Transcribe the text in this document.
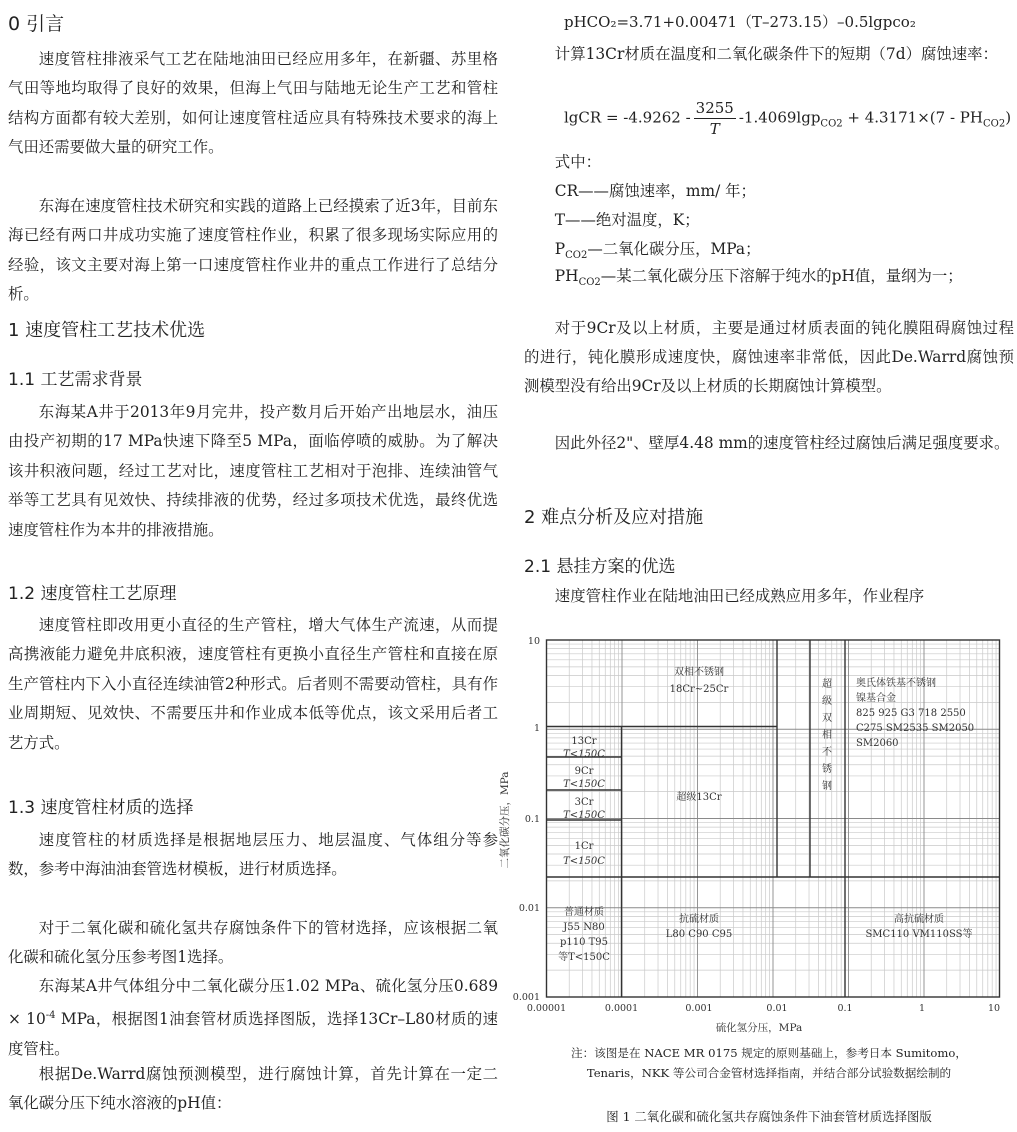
0 引言

速度管柱排液采气工艺在陆地油田已经应用多年，在新疆、苏里格气田等地均取得了良好的效果，但海上气田与陆地无论生产工艺和管柱结构方面都有较大差别，如何让速度管柱适应具有特殊技术要求的海上气田还需要做大量的研究工作。

东海在速度管柱技术研究和实践的道路上已经摸索了近3年，目前东海已经有两口井成功实施了速度管柱作业，积累了很多现场实际应用的经验，该文主要对海上第一口速度管柱作业井的重点工作进行了总结分析。

1 速度管柱工艺技术优选
1.1 工艺需求背景

东海某A井于2013年9月完井，投产数月后开始产出地层水，油压由投产初期的17 MPa快速下降至5 MPa，面临停喷的威胁。为了解决该井积液问题，经过工艺对比，速度管柱工艺相对于泡排、连续油管气举等工艺具有见效快、持续排液的优势，经过多项技术优选，最终优选速度管柱作为本井的排液措施。

1.2 速度管柱工艺原理

速度管柱即改用更小直径的生产管柱，增大气体生产流速，从而提高携液能力避免井底积液，速度管柱有更换小直径生产管柱和直接在原生产管柱内下入小直径连续油管2种形式。后者则不需要动管柱，具有作业周期短、见效快、不需要压井和作业成本低等优点，该文采用后者工艺方式。

1.3 速度管柱材质的选择

速度管柱的材质选择是根据地层压力、地层温度、气体组分等参数，参考中海油油套管选材模板，进行材质选择。

对于二氧化碳和硫化氢共存腐蚀条件下的管材选择，应该根据二氧化碳和硫化氢分压参考图1选择。

东海某A井气体组分中二氧化碳分压1.02 MPa、硫化氢分压$0.689 \times 10^{-4}$ MPa，根据图1油套管材质选择图版，选择13Cr–L80材质的速度管柱。

根据De.Warrd腐蚀预测模型，进行腐蚀计算，首先计算在一定二氧化碳分压下纯水溶液的pH值：

pHCO₂=3.71+0.00471（T–273.15）–0.5lgpco₂

计算13Cr材质在温度和二氧化碳条件下的短期（7d）腐蚀速率：

lgCR = $-4.9262 - \frac{3255}{T} -1.4069\lg p_{CO2} + 4.3171\times(7 - PH_{CO2})$
式中：
CR——腐蚀速率，mm/ 年；
T——绝对温度，K；
$P_{CO2}—$二氧化碳分压，MPa；
$PH_{CO2}—$某二氧化碳分压下溶解于纯水的pH值，量纲为一；

对于9Cr及以上材质，主要是通过材质表面的钝化膜阻碍腐蚀过程的进行，钝化膜形成速度快，腐蚀速率非常低，因此De.Warrd腐蚀预测模型没有给出9Cr及以上材质的长期腐蚀计算模型。

因此外径2"、壁厚4.48 mm的速度管柱经过腐蚀后满足强度要求。

2 难点分析及应对措施
2.1 悬挂方案的优选

速度管柱作业在陆地油田已经成熟应用多年，作业程序

10
1
0.1
0.01
0.001
0.00001	0.0001	0.001	0.01	0.1	1	10
硫化氢分压，MPa
二氧化碳分压，MPa
双相不锈钢
18Cr~25Cr
13Cr
T<150C
9Cr
T<150C
3Cr
T<150C
1Cr
T<150C
超级13Cr
普通材质
J55 N80
p110 T95
等T<150C
抗硫材质
L80 C90 C95
高抗硫材质
SMC110 VM110SS等
奥氏体铁基不锈钢
镍基合金
825 925 G3 718 2550
C275 SM2535 SM2050
SM2060
超级双相不锈钢
注：该图是在 NACE MR 0175 规定的原则基础上，参考日本 Sumitomo，
Tenaris，NKK 等公司合金管材选择指南，并结合部分试验数据绘制的
图 1 二氧化碳和硫化氢共存腐蚀条件下油套管材质选择图版
